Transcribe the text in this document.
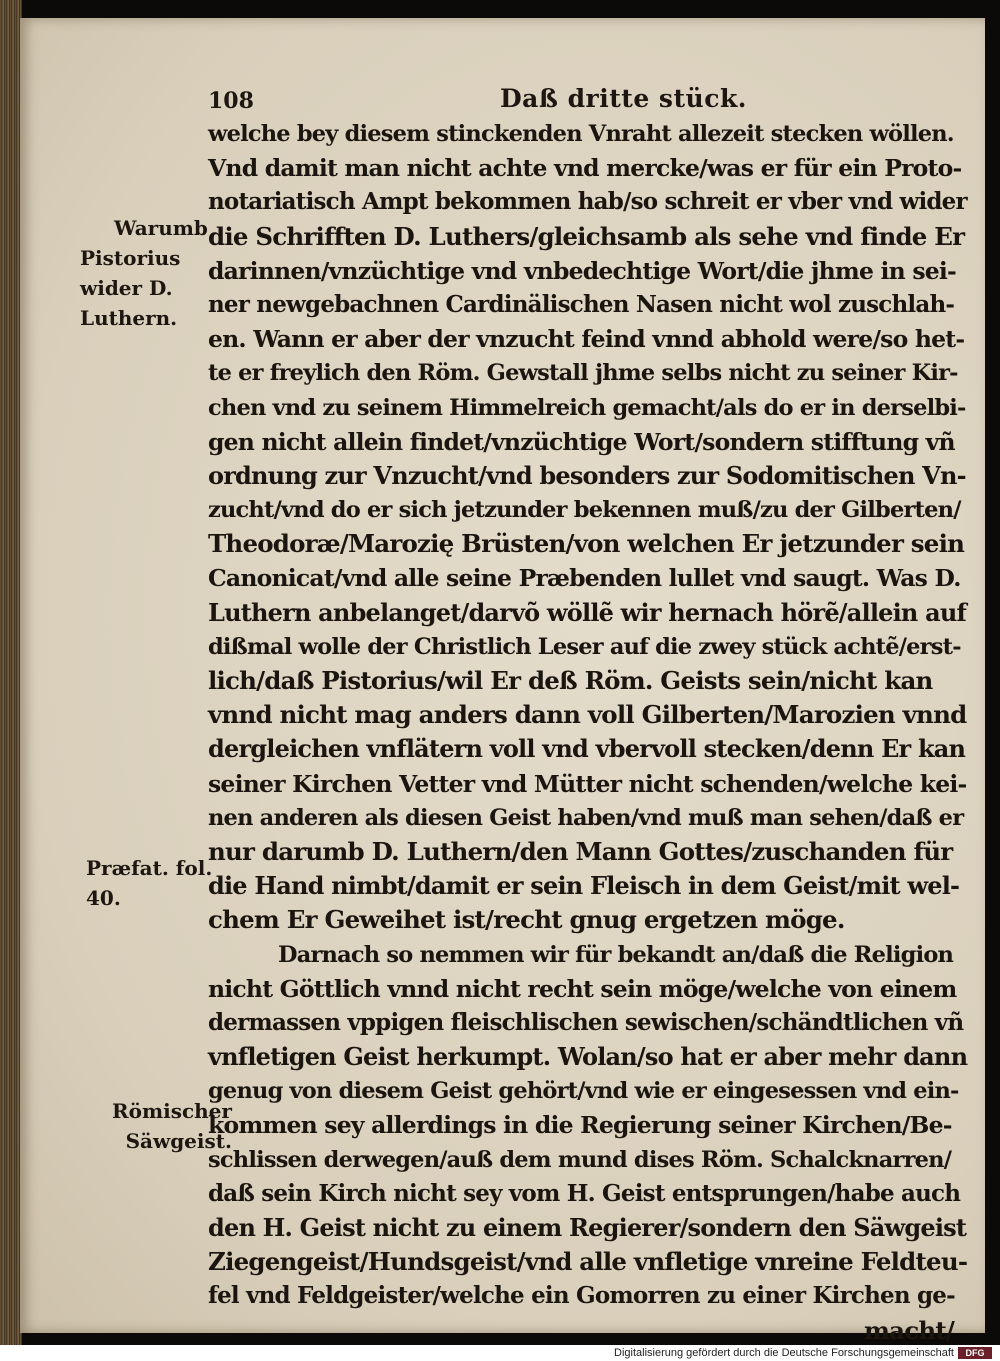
108	Daß dritte stück.
welche bey diesem stinckenden Vnraht allezeit stecken wöllen.
Vnd damit man nicht achte vnd mercke/was er für ein Proto-
notariatisch Ampt bekommen hab/so schreit er vber vnd wider
die Schrifften D. Luthers/gleichsamb als sehe vnd finde Er
darinnen/vnzüchtige vnd vnbedechtige Wort/die jhme in sei-
ner newgebachnen Cardinälischen Nasen nicht wol zuschlah-
en. Wann er aber der vnzucht feind vnnd abhold were/so het-
te er freylich den Röm. Gewstall jhme selbs nicht zu seiner Kir-
chen vnd zu seinem Himmelreich gemacht/als do er in derselbi-
gen nicht allein findet/vnzüchtige Wort/sondern stifftung vñ
ordnung zur Vnzucht/vnd besonders zur Sodomitischen Vn-
zucht/vnd do er sich jetzunder bekennen muß/zu der Gilberten/
Theodoræ/Marozię Brüsten/von welchen Er jetzunder sein
Canonicat/vnd alle seine Præbenden lullet vnd saugt. Was D.
Luthern anbelanget/darvõ wöllẽ wir hernach hörẽ/allein auf
dißmal wolle der Christlich Leser auf die zwey stück achtẽ/erst-
lich/daß Pistorius/wil Er deß Röm. Geists sein/nicht kan
vnnd nicht mag anders dann voll Gilberten/Marozien vnnd
dergleichen vnflätern voll vnd vbervoll stecken/denn Er kan
seiner Kirchen Vetter vnd Mütter nicht schenden/welche kei-
nen anderen als diesen Geist haben/vnd muß man sehen/daß er
nur darumb D. Luthern/den Mann Gottes/zuschanden für
die Hand nimbt/damit er sein Fleisch in dem Geist/mit wel-
chem Er Geweihet ist/recht gnug ergetzen möge.
Darnach so nemmen wir für bekandt an/daß die Religion
nicht Göttlich vnnd nicht recht sein möge/welche von einem
dermassen vppigen fleischlischen sewischen/schändtlichen vñ
vnfletigen Geist herkumpt. Wolan/so hat er aber mehr dann
genug von diesem Geist gehört/vnd wie er eingesessen vnd ein-
kommen sey allerdings in die Regierung seiner Kirchen/Be-
schlissen derwegen/auß dem mund dises Röm. Schalcknarren/
daß sein Kirch nicht sey vom H. Geist entsprungen/habe auch
den H. Geist nicht zu einem Regierer/sondern den Säwgeist
Ziegengeist/Hundsgeist/vnd alle vnfletige vnreine Feldteu-
fel vnd Feldgeister/welche ein Gomorren zu einer Kirchen ge-
macht/
Warumb
Pistorius
wider D.
Luthern.
Præfat. fol.
40.
Römischer
Säwgeist.
Digitalisierung gefördert durch die Deutsche Forschungsgemeinschaft	DFG
